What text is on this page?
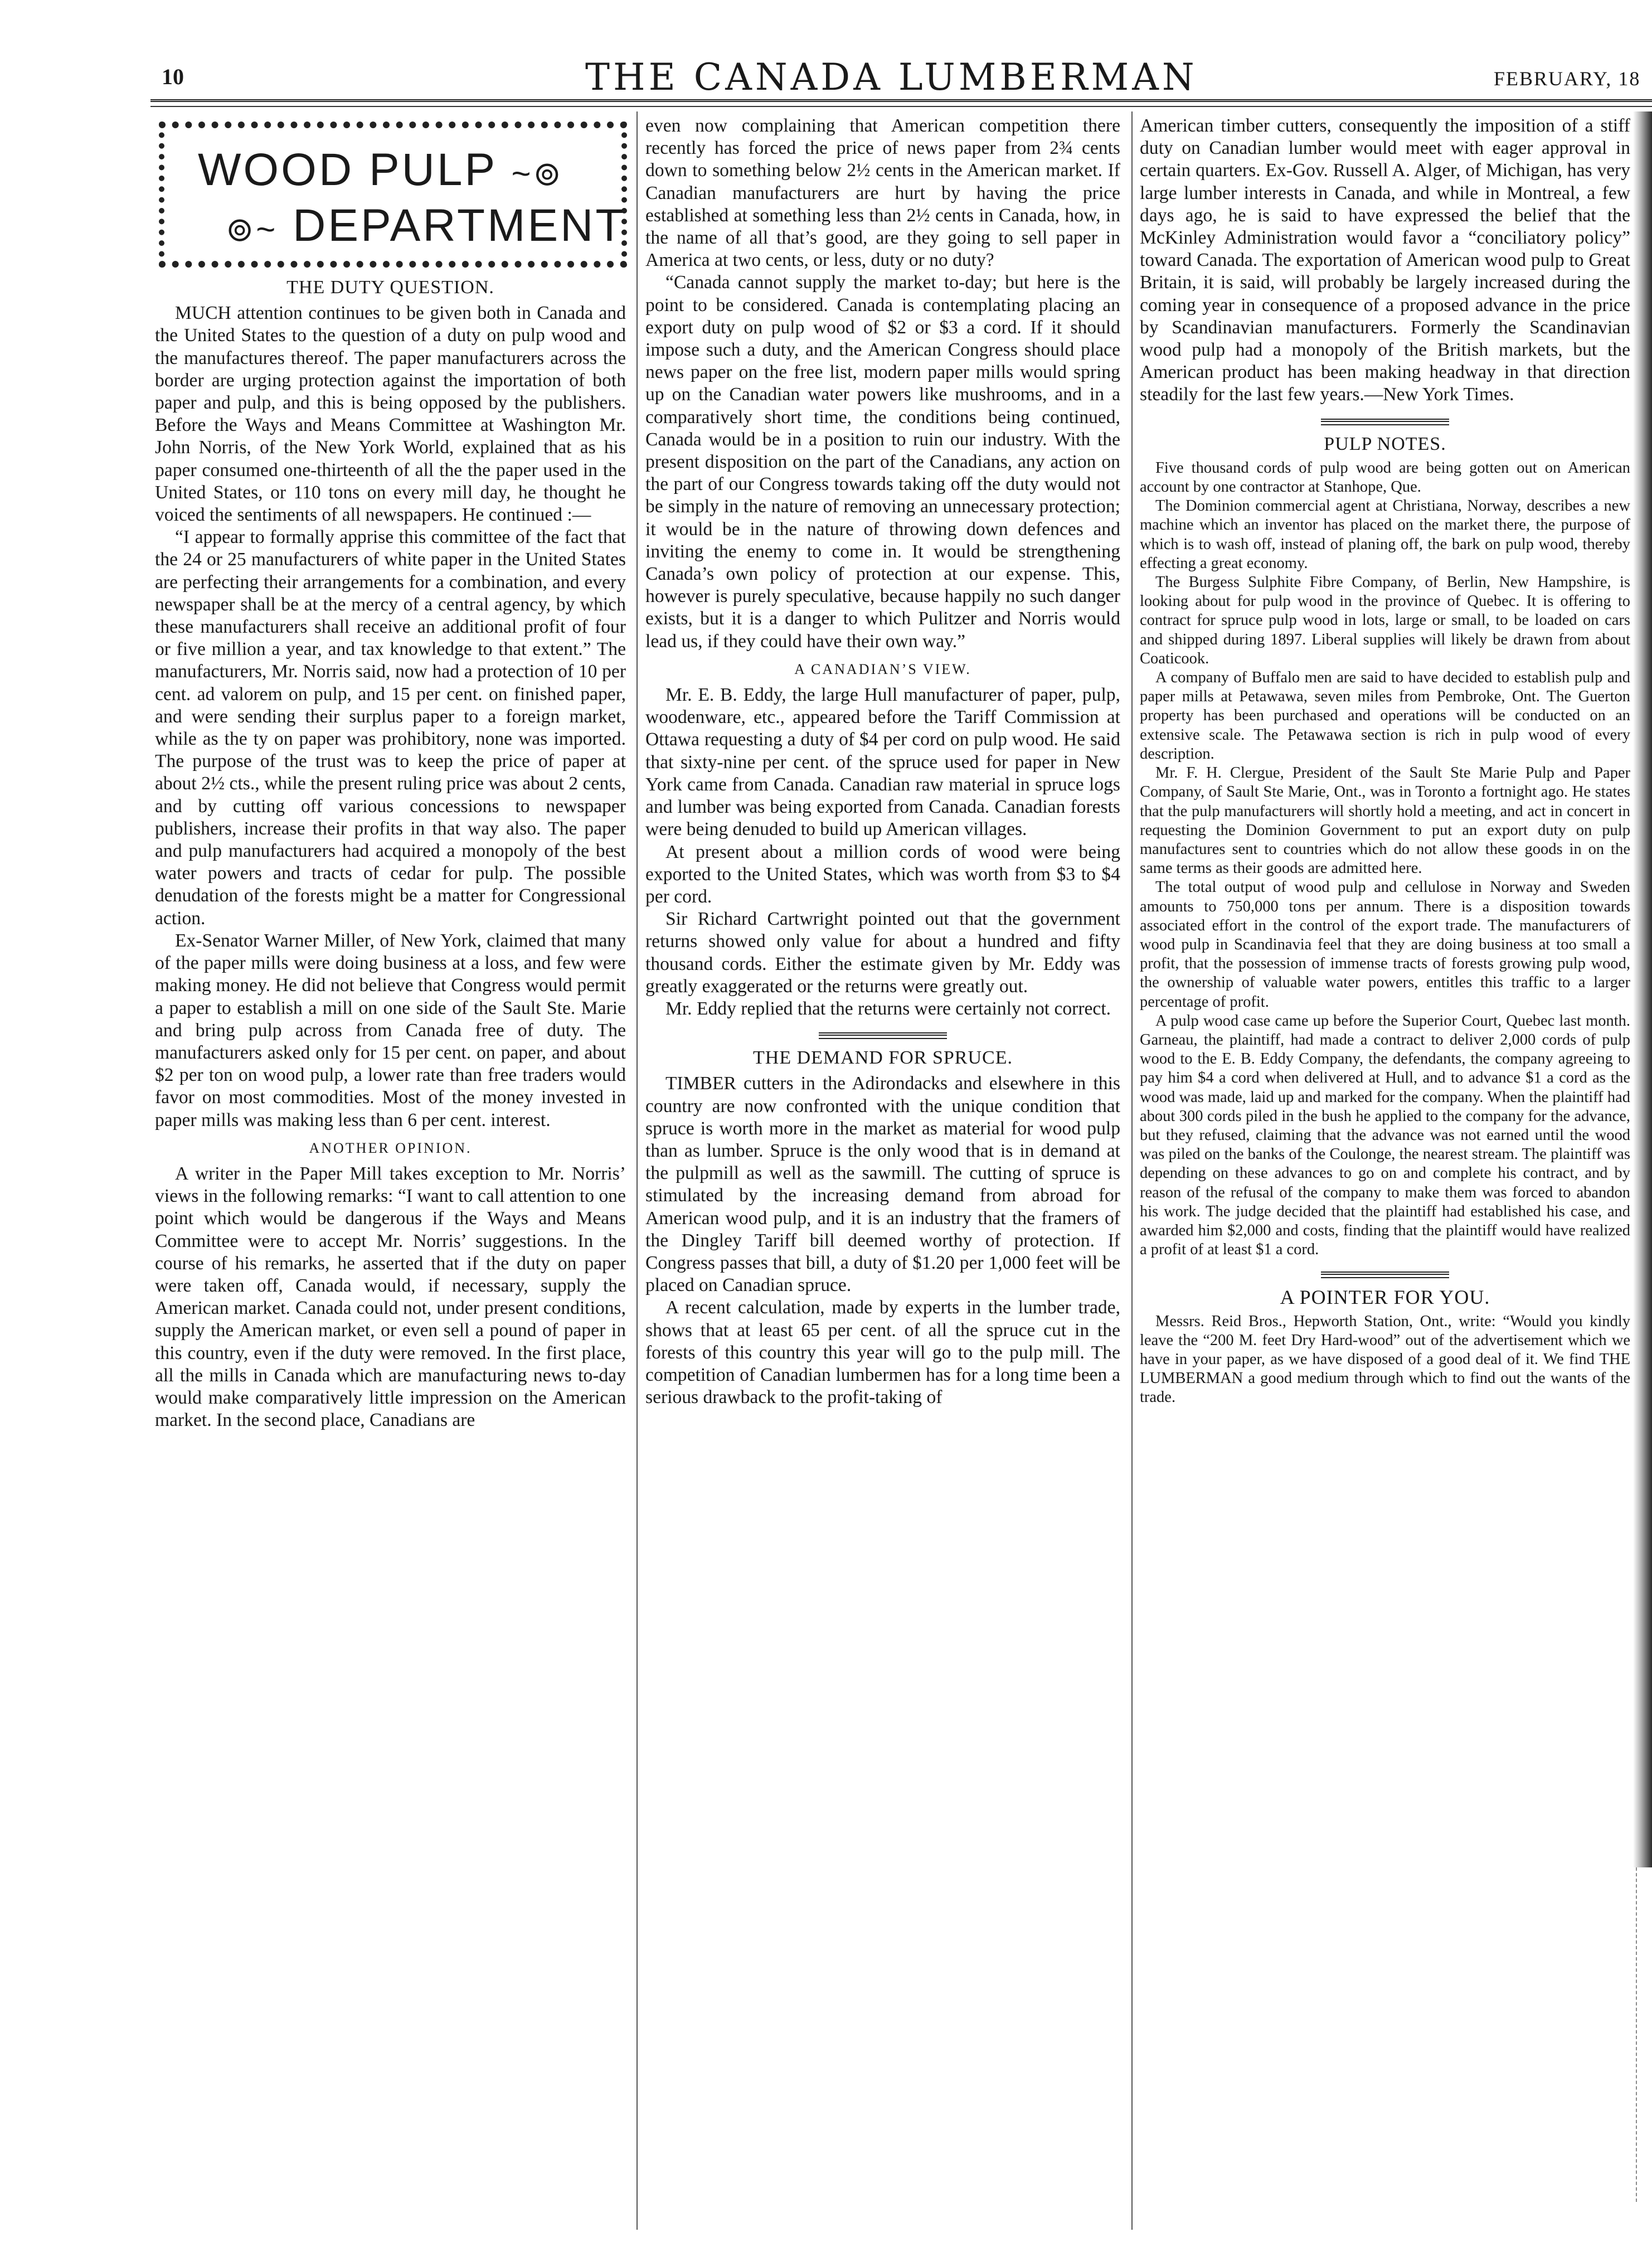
10	THE CANADA LUMBERMAN	FEBRUARY, 18
WOOD PULP ~⊚
⊚~ DEPARTMENT
THE DUTY QUESTION.

MUCH attention continues to be given both in Canada and the United States to the question of a duty on pulp wood and the manufactures thereof. The paper manufacturers across the border are urging protection against the importation of both paper and pulp, and this is being opposed by the publishers. Before the Ways and Means Committee at Washington Mr. John Norris, of the New York World, explained that as his paper consumed one-thirteenth of all the the paper used in the United States, or 110 tons on every mill day, he thought he voiced the sentiments of all newspapers. He continued :—

“I appear to formally apprise this committee of the fact that the 24 or 25 manufacturers of white paper in the United States are perfecting their arrangements for a combination, and every newspaper shall be at the mercy of a central agency, by which these manufacturers shall receive an additional profit of four or five million a year, and tax knowledge to that extent.” The manufacturers, Mr. Norris said, now had a protection of 10 per cent. ad valorem on pulp, and 15 per cent. on finished paper, and were sending their surplus paper to a foreign market, while as the ty on paper was prohibitory, none was imported. The purpose of the trust was to keep the price of paper at about 2½ cts., while the present ruling price was about 2 cents, and by cutting off various concessions to newspaper publishers, increase their profits in that way also. The paper and pulp manufacturers had acquired a monopoly of the best water powers and tracts of cedar for pulp. The possible denudation of the forests might be a matter for Congressional action.

Ex-Senator Warner Miller, of New York, claimed that many of the paper mills were doing business at a loss, and few were making money. He did not believe that Congress would permit a paper to establish a mill on one side of the Sault Ste. Marie and bring pulp across from Canada free of duty. The manufacturers asked only for 15 per cent. on paper, and about $2 per ton on wood pulp, a lower rate than free traders would favor on most commodities. Most of the money invested in paper mills was making less than 6 per cent. interest.

ANOTHER OPINION.

A writer in the Paper Mill takes exception to Mr. Norris’ views in the following remarks: “I want to call attention to one point which would be dangerous if the Ways and Means Committee were to accept Mr. Norris’ suggestions. In the course of his remarks, he asserted that if the duty on paper were taken off, Canada would, if necessary, supply the American market. Canada could not, under present conditions, supply the American market, or even sell a pound of paper in this country, even if the duty were removed. In the first place, all the mills in Canada which are manufacturing news to-day would make comparatively little impression on the American market. In the second place, Canadians are

even now complaining that American competition there recently has forced the price of news paper from 2¾ cents down to something below 2½ cents in the American market. If Canadian manufacturers are hurt by having the price established at something less than 2½ cents in Canada, how, in the name of all that’s good, are they going to sell paper in America at two cents, or less, duty or no duty?

“Canada cannot supply the market to-day; but here is the point to be considered. Canada is contemplating placing an export duty on pulp wood of $2 or $3 a cord. If it should impose such a duty, and the American Congress should place news paper on the free list, modern paper mills would spring up on the Canadian water powers like mushrooms, and in a comparatively short time, the conditions being continued, Canada would be in a position to ruin our industry. With the present disposition on the part of the Canadians, any action on the part of our Congress towards taking off the duty would not be simply in the nature of removing an unnecessary protection; it would be in the nature of throwing down defences and inviting the enemy to come in. It would be strengthening Canada’s own policy of protection at our expense. This, however is purely speculative, because happily no such danger exists, but it is a danger to which Pulitzer and Norris would lead us, if they could have their own way.”

A CANADIAN’S VIEW.

Mr. E. B. Eddy, the large Hull manufacturer of paper, pulp, woodenware, etc., appeared before the Tariff Commission at Ottawa requesting a duty of $4 per cord on pulp wood. He said that sixty-nine per cent. of the spruce used for paper in New York came from Canada. Canadian raw material in spruce logs and lumber was being exported from Canada. Canadian forests were being denuded to build up American villages.

At present about a million cords of wood were being exported to the United States, which was worth from $3 to $4 per cord.

Sir Richard Cartwright pointed out that the government returns showed only value for about a hundred and fifty thousand cords. Either the estimate given by Mr. Eddy was greatly exaggerated or the returns were greatly out.

Mr. Eddy replied that the returns were certainly not correct.

THE DEMAND FOR SPRUCE.

TIMBER cutters in the Adirondacks and elsewhere in this country are now confronted with the unique condition that spruce is worth more in the market as material for wood pulp than as lumber. Spruce is the only wood that is in demand at the pulpmill as well as the sawmill. The cutting of spruce is stimulated by the increasing demand from abroad for American wood pulp, and it is an industry that the framers of the Dingley Tariff bill deemed worthy of protection. If Congress passes that bill, a duty of $1.20 per 1,000 feet will be placed on Canadian spruce.

A recent calculation, made by experts in the lumber trade, shows that at least 65 per cent. of all the spruce cut in the forests of this country this year will go to the pulp mill. The competition of Canadian lumbermen has for a long time been a serious drawback to the profit-taking of

American timber cutters, consequently the imposition of a stiff duty on Canadian lumber would meet with eager approval in certain quarters. Ex-Gov. Russell A. Alger, of Michigan, has very large lumber interests in Canada, and while in Montreal, a few days ago, he is said to have expressed the belief that the McKinley Administration would favor a “conciliatory policy” toward Canada. The exportation of American wood pulp to Great Britain, it is said, will probably be largely increased during the coming year in consequence of a proposed advance in the price by Scandinavian manufacturers. Formerly the Scandinavian wood pulp had a monopoly of the British markets, but the American product has been making headway in that direction steadily for the last few years.—New York Times.

PULP NOTES.

Five thousand cords of pulp wood are being gotten out on American account by one contractor at Stanhope, Que.

The Dominion commercial agent at Christiana, Norway, describes a new machine which an inventor has placed on the market there, the purpose of which is to wash off, instead of planing off, the bark on pulp wood, thereby effecting a great economy.

The Burgess Sulphite Fibre Company, of Berlin, New Hampshire, is looking about for pulp wood in the province of Quebec. It is offering to contract for spruce pulp wood in lots, large or small, to be loaded on cars and shipped during 1897. Liberal supplies will likely be drawn from about Coaticook.

A company of Buffalo men are said to have decided to establish pulp and paper mills at Petawawa, seven miles from Pembroke, Ont. The Guerton property has been purchased and operations will be conducted on an extensive scale. The Petawawa section is rich in pulp wood of every description.

Mr. F. H. Clergue, President of the Sault Ste Marie Pulp and Paper Company, of Sault Ste Marie, Ont., was in Toronto a fortnight ago. He states that the pulp manufacturers will shortly hold a meeting, and act in concert in requesting the Dominion Government to put an export duty on pulp manufactures sent to countries which do not allow these goods in on the same terms as their goods are admitted here.

The total output of wood pulp and cellulose in Norway and Sweden amounts to 750,000 tons per annum. There is a disposition towards associated effort in the control of the export trade. The manufacturers of wood pulp in Scandinavia feel that they are doing business at too small a profit, that the possession of immense tracts of forests growing pulp wood, the ownership of valuable water powers, entitles this traffic to a larger percentage of profit.

A pulp wood case came up before the Superior Court, Quebec last month. Garneau, the plaintiff, had made a contract to deliver 2,000 cords of pulp wood to the E. B. Eddy Company, the defendants, the company agreeing to pay him $4 a cord when delivered at Hull, and to advance $1 a cord as the wood was made, laid up and marked for the company. When the plaintiff had about 300 cords piled in the bush he applied to the company for the advance, but they refused, claiming that the advance was not earned until the wood was piled on the banks of the Coulonge, the nearest stream. The plaintiff was depending on these advances to go on and complete his contract, and by reason of the refusal of the company to make them was forced to abandon his work. The judge decided that the plaintiff had established his case, and awarded him $2,000 and costs, finding that the plaintiff would have realized a profit of at least $1 a cord.

A POINTER FOR YOU.

Messrs. Reid Bros., Hepworth Station, Ont., write: “Would you kindly leave the “200 M. feet Dry Hard-wood” out of the advertisement which we have in your paper, as we have disposed of a good deal of it. We find THE LUMBERMAN a good medium through which to find out the wants of the trade.
